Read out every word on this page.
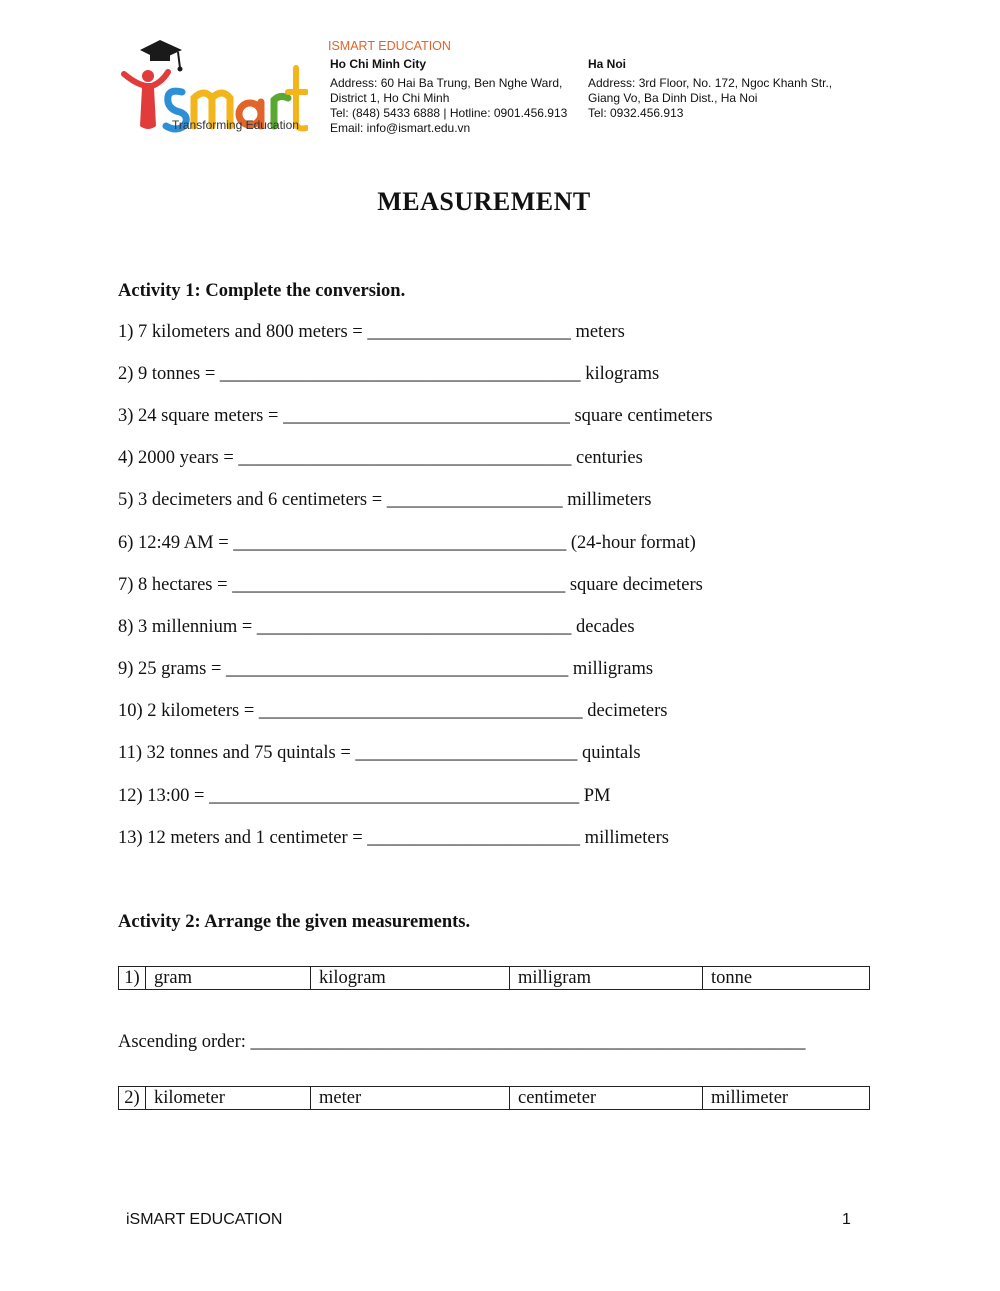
Transforming Education
ISMART EDUCATION
Ho Chi Minh City
Address: 60 Hai Ba Trung, Ben Nghe Ward,
District 1, Ho Chi Minh
Tel: (848) 5433 6888 | Hotline: 0901.456.913
Email: info@ismart.edu.vn
Ha Noi
Address: 3rd Floor, No. 172, Ngoc Khanh Str.,
Giang Vo, Ba Dinh Dist., Ha Noi
Tel: 0932.456.913
MEASUREMENT
Activity 1: Complete the conversion.
1) 7 kilometers and 800 meters = ______________________ meters
2) 9 tonnes = _______________________________________ kilograms
3) 24 square meters = _______________________________ square centimeters
4) 2000 years = ____________________________________ centuries
5) 3 decimeters and 6 centimeters = ___________________ millimeters
6) 12:49 AM = ____________________________________ (24-hour format)
7) 8 hectares = ____________________________________ square decimeters
8) 3 millennium = __________________________________ decades
9) 25 grams = _____________________________________ milligrams
10) 2 kilometers = ___________________________________ decimeters
11) 32 tonnes and 75 quintals = ________________________ quintals
12) 13:00 = ________________________________________ PM
13) 12 meters and 1 centimeter = _______________________ millimeters
Activity 2: Arrange the given measurements.
1)	gram	kilogram	milligram	tonne
Ascending order: ____________________________________________________________
2)	kilometer	meter	centimeter	millimeter
iSMART EDUCATION	1
